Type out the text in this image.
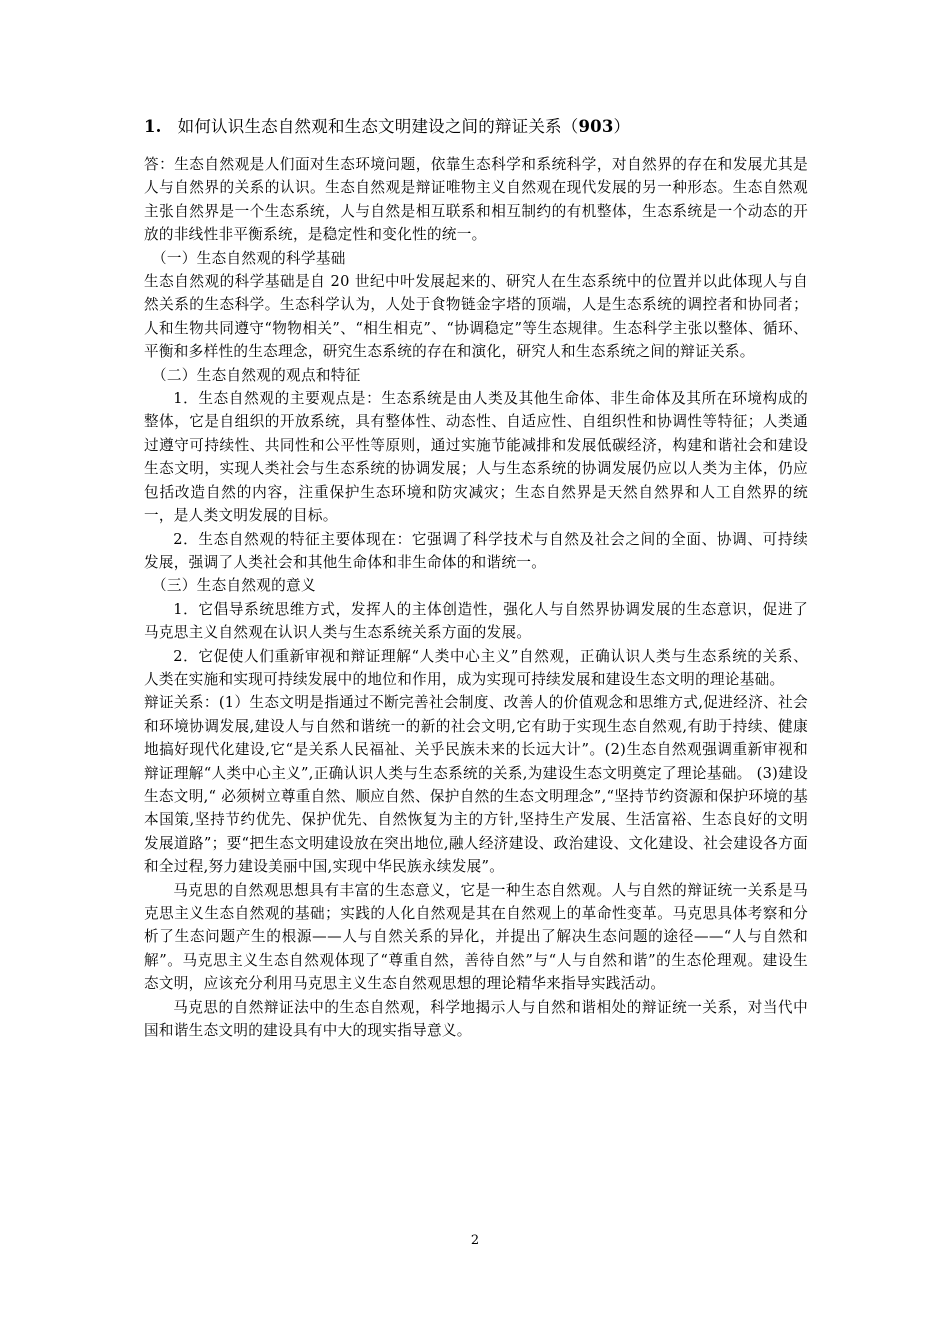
1. 如何认识生态自然观和生态文明建设之间的辩证关系（903）

答：生态自然观是人们面对生态环境问题，依靠生态科学和系统科学，对自然界的存在和发展尤其是人与自然界的关系的认识。生态自然观是辩证唯物主义自然观在现代发展的另一种形态。生态自然观主张自然界是一个生态系统，人与自然是相互联系和相互制约的有机整体，生态系统是一个动态的开放的非线性非平衡系统，是稳定性和变化性的统一。

（一）生态自然观的科学基础

生态自然观的科学基础是自 20 世纪中叶发展起来的、研究人在生态系统中的位置并以此体现人与自然关系的生态科学。生态科学认为，人处于食物链金字塔的顶端，人是生态系统的调控者和协同者；人和生物共同遵守“物物相关”、“相生相克”、“协调稳定”等生态规律。生态科学主张以整体、循环、平衡和多样性的生态理念，研究生态系统的存在和演化，研究人和生态系统之间的辩证关系。

（二）生态自然观的观点和特征

1．生态自然观的主要观点是：生态系统是由人类及其他生命体、非生命体及其所在环境构成的整体，它是自组织的开放系统，具有整体性、动态性、自适应性、自组织性和协调性等特征；人类通过遵守可持续性、共同性和公平性等原则，通过实施节能减排和发展低碳经济，构建和谐社会和建设生态文明，实现人类社会与生态系统的协调发展；人与生态系统的协调发展仍应以人类为主体，仍应包括改造自然的内容，注重保护生态环境和防灾减灾；生态自然界是天然自然界和人工自然界的统一，是人类文明发展的目标。

2．生态自然观的特征主要体现在：它强调了科学技术与自然及社会之间的全面、协调、可持续发展，强调了人类社会和其他生命体和非生命体的和谐统一。

（三）生态自然观的意义

1．它倡导系统思维方式，发挥人的主体创造性，强化人与自然界协调发展的生态意识，促进了马克思主义自然观在认识人类与生态系统关系方面的发展。

2．它促使人们重新审视和辩证理解“人类中心主义”自然观，正确认识人类与生态系统的关系、人类在实施和实现可持续发展中的地位和作用，成为实现可持续发展和建设生态文明的理论基础。

辩证关系：(1）生态文明是指通过不断完善社会制度、改善人的价值观念和思维方式,促进经济、社会和环境协调发展,建设人与自然和谐统一的新的社会文明,它有助于实现生态自然观,有助于持续、健康地搞好现代化建设,它“是关系人民福祉、关乎民族未来的长远大计”。(2)生态自然观强调重新审视和辩证理解“人类中心主义”,正确认识人类与生态系统的关系,为建设生态文明奠定了理论基础。 (3)建设生态文明,“ 必须树立尊重自然、顺应自然、保护自然的生态文明理念”,“坚持节约资源和保护环境的基本国策,坚持节约优先、保护优先、自然恢复为主的方针,坚持生产发展、生活富裕、生态良好的文明发展道路”；要“把生态文明建设放在突出地位,融人经济建设、政治建设、文化建设、社会建设各方面和全过程,努力建设美丽中国,实现中华民族永续发展”。

马克思的自然观思想具有丰富的生态意义，它是一种生态自然观。人与自然的辩证统一关系是马克思主义生态自然观的基础；实践的人化自然观是其在自然观上的革命性变革。马克思具体考察和分析了生态问题产生的根源——人与自然关系的异化，并提出了解决生态问题的途径——“人与自然和解”。马克思主义生态自然观体现了“尊重自然，善待自然”与“人与自然和谐”的生态伦理观。建设生态文明，应该充分利用马克思主义生态自然观思想的理论精华来指导实践活动。

马克思的自然辩证法中的生态自然观，科学地揭示人与自然和谐相处的辩证统一关系，对当代中国和谐生态文明的建设具有中大的现实指导意义。

2
